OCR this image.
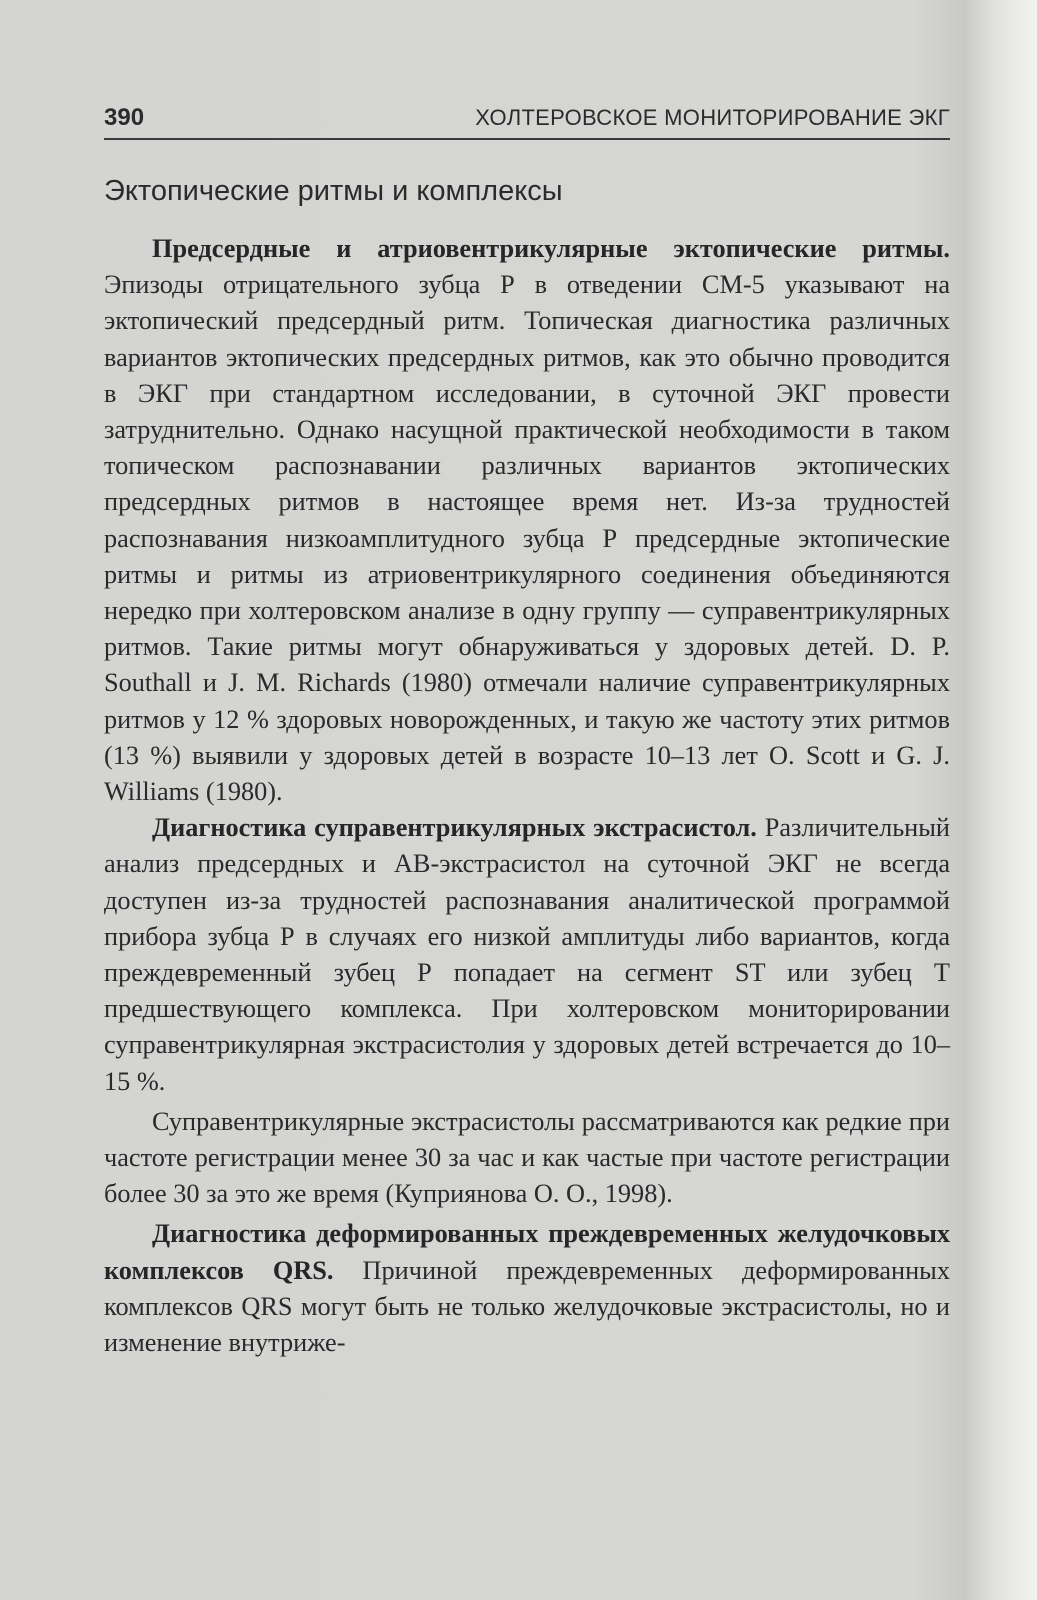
390	ХОЛТЕРОВСКОЕ МОНИТОРИРОВАНИЕ ЭКГ
Эктопические ритмы и комплексы

Предсердные и атриовентрикулярные эктопические ритмы. Эпизоды отрицательного зубца Р в отведении СМ-5 указывают на эктопический предсердный ритм. Топическая диагностика различных вариантов эктопических предсердных ритмов, как это обычно проводится в ЭКГ при стандартном исследовании, в суточной ЭКГ провести затруднительно. Однако насущной практической необходимости в таком топическом распознавании различных вариантов эктопических предсердных ритмов в настоящее время нет. Из-за трудностей распознавания низкоамплитудного зубца Р предсердные эктопические ритмы и ритмы из атриовентрикулярного соединения объединяются нередко при холтеровском анализе в одну группу — суправентрикулярных ритмов. Такие ритмы могут обнаруживаться у здоровых детей. D. P. Southall и J. M. Richards (1980) отмечали наличие суправентрикулярных ритмов у 12 % здоровых новорожденных, и такую же частоту этих ритмов (13 %) выявили у здоровых детей в возрасте 10–13 лет O. Scott и G. J. Williams (1980).

Диагностика суправентрикулярных экстрасистол. Различительный анализ предсердных и АВ-экстрасистол на суточной ЭКГ не всегда доступен из-за трудностей распознавания аналитической программой прибора зубца Р в случаях его низкой амплитуды либо вариантов, когда преждевременный зубец Р попадает на сегмент ST или зубец Т предшествующего комплекса. При холтеровском мониторировании суправентрикулярная экстрасистолия у здоровых детей встречается до 10–15 %.

Суправентрикулярные экстрасистолы рассматриваются как редкие при частоте регистрации менее 30 за час и как частые при частоте регистрации более 30 за это же время (Куприянова О. О., 1998).

Диагностика деформированных преждевременных желудочковых комплексов QRS. Причиной преждевременных деформированных комплексов QRS могут быть не только желудочковые экстрасистолы, но и изменение внутриже-
